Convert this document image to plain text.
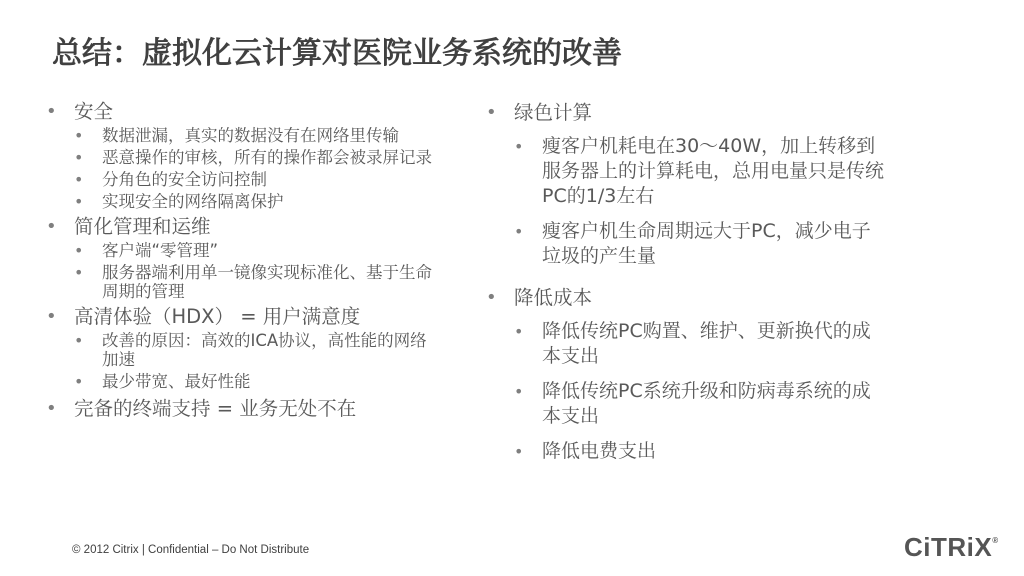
总结：虚拟化云计算对医院业务系统的改善
• 安全
• 数据泄漏，真实的数据没有在网络里传输
• 恶意操作的审核，所有的操作都会被录屏记录
• 分角色的安全访问控制
• 实现安全的网络隔离保护
• 简化管理和运维
• 客户端“零管理”
• 服务器端利用单一镜像实现标准化、基于生命周期的管理
• 高清体验（HDX） = 用户满意度
• 改善的原因：高效的ICA协议，高性能的网络加速
• 最少带宽、最好性能
• 完备的终端支持 = 业务无处不在
• 绿色计算
• 瘦客户机耗电在30～40W，加上转移到服务器上的计算耗电，总用电量只是传统PC的1/3左右
• 瘦客户机生命周期远大于PC，减少电子垃圾的产生量
• 降低成本
• 降低传统PC购置、维护、更新换代的成本支出
• 降低传统PC系统升级和防病毒系统的成本支出
• 降低电费支出
© 2012 Citrix | Confidential – Do Not Distribute	CiTRiX®
